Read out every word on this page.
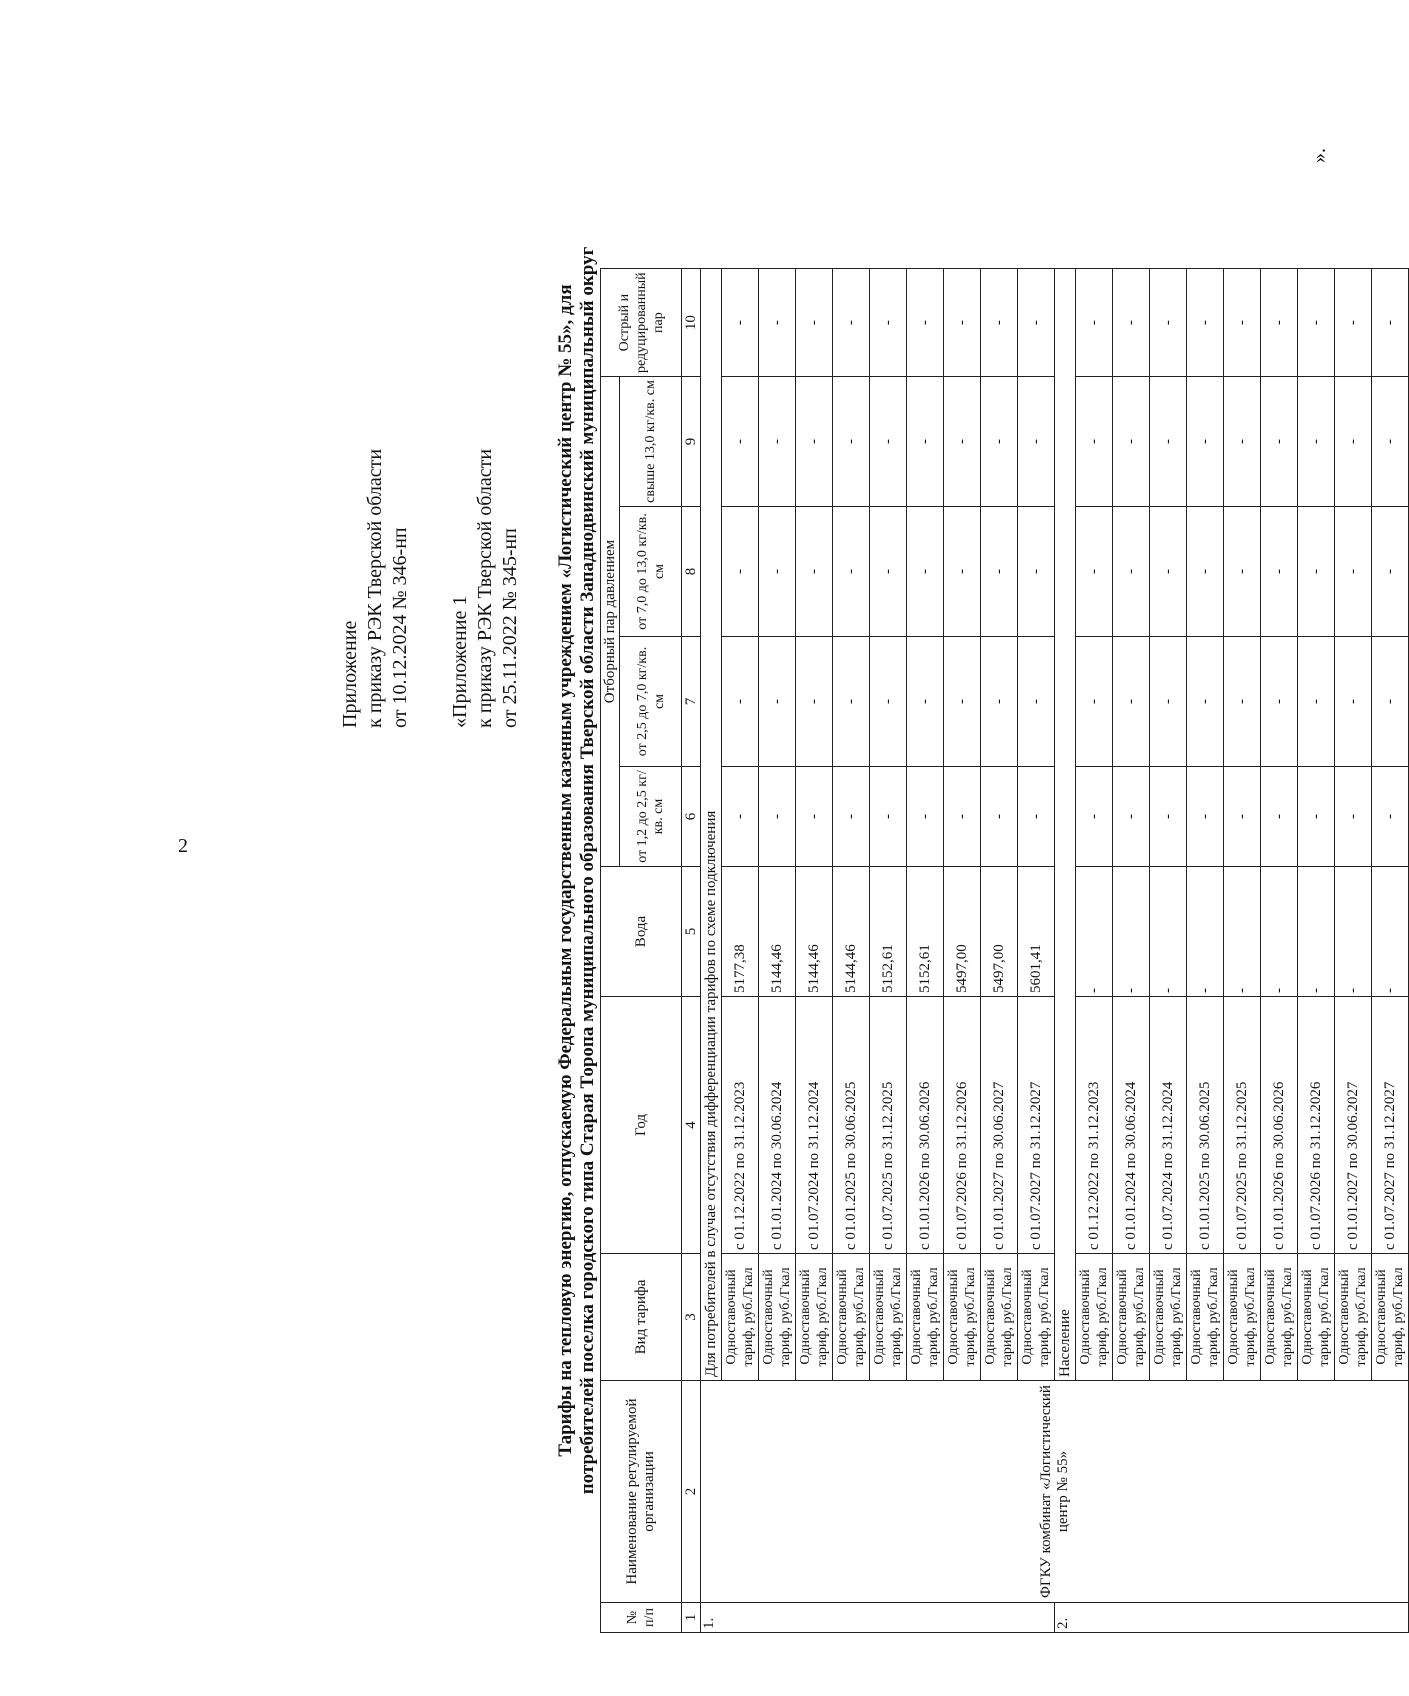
2
Приложение к приказу РЭК Тверской области от 10.12.2024 № 346-нп «Приложение 1 к приказу РЭК Тверской области от 25.11.2022 № 345-нп Тарифы на тепловую энергию, отпускаемую Федеральным государственным казенным учреждением «Логистический центр № 55», для потребителей поселка городского типа Старая Торопа муниципального образования Тверской области Западнодвинский муниципальный округ
№ п/п	Наименование регулируемой организации	Вид тарифа	Год	Вода	Отборный пар давлением				Острый и редуцированный пар
					от 1,2 до 2,5 кг/кв. см	от 2,5 до 7,0 кг/кв. см	от 7,0 до 13,0 кг/кв. см	свыше 13,0 кг/кв. см	
1	2	3	4	5	6	7	8	9	10
1.	ФГКУ комбинат «Логистический центр № 55»	Для потребителей в случае отсутствия дифференциации тарифов по схеме подключения							
		Одноставочный тариф, руб./Гкал	с 01.12.2022 по 31.12.2023	5177,38	-	-	-	-	-
		Одноставочный тариф, руб./Гкал	с 01.01.2024 по 30.06.2024	5144,46	-	-	-	-	-
		Одноставочный тариф, руб./Гкал	с 01.07.2024 по 31.12.2024	5144,46	-	-	-	-	-
		Одноставочный тариф, руб./Гкал	с 01.01.2025 по 30.06.2025	5144,46	-	-	-	-	-
		Одноставочный тариф, руб./Гкал	с 01.07.2025 по 31.12.2025	5152,61	-	-	-	-	-
		Одноставочный тариф, руб./Гкал	с 01.01.2026 по 30.06.2026	5152,61	-	-	-	-	-
		Одноставочный тариф, руб./Гкал	с 01.07.2026 по 31.12.2026	5497,00	-	-	-	-	-
		Одноставочный тариф, руб./Гкал	с 01.01.2027 по 30.06.2027	5497,00	-	-	-	-	-
		Одноставочный тариф, руб./Гкал	с 01.07.2027 по 31.12.2027	5601,41	-	-	-	-	-
2.		Население							
		Одноставочный тариф, руб./Гкал	с 01.12.2022 по 31.12.2023	-	-	-	-	-	-
		Одноставочный тариф, руб./Гкал	с 01.01.2024 по 30.06.2024	-	-	-	-	-	-
		Одноставочный тариф, руб./Гкал	с 01.07.2024 по 31.12.2024	-	-	-	-	-	-
		Одноставочный тариф, руб./Гкал	с 01.01.2025 по 30.06.2025	-	-	-	-	-	-
		Одноставочный тариф, руб./Гкал	с 01.07.2025 по 31.12.2025	-	-	-	-	-	-
		Одноставочный тариф, руб./Гкал	с 01.01.2026 по 30.06.2026	-	-	-	-	-	-
		Одноставочный тариф, руб./Гкал	с 01.07.2026 по 31.12.2026	-	-	-	-	-	-
		Одноставочный тариф, руб./Гкал	с 01.01.2027 по 30.06.2027	-	-	-	-	-	-
		Одноставочный тариф, руб./Гкал	с 01.07.2027 по 31.12.2027	-	-	-	-	-	-
».
